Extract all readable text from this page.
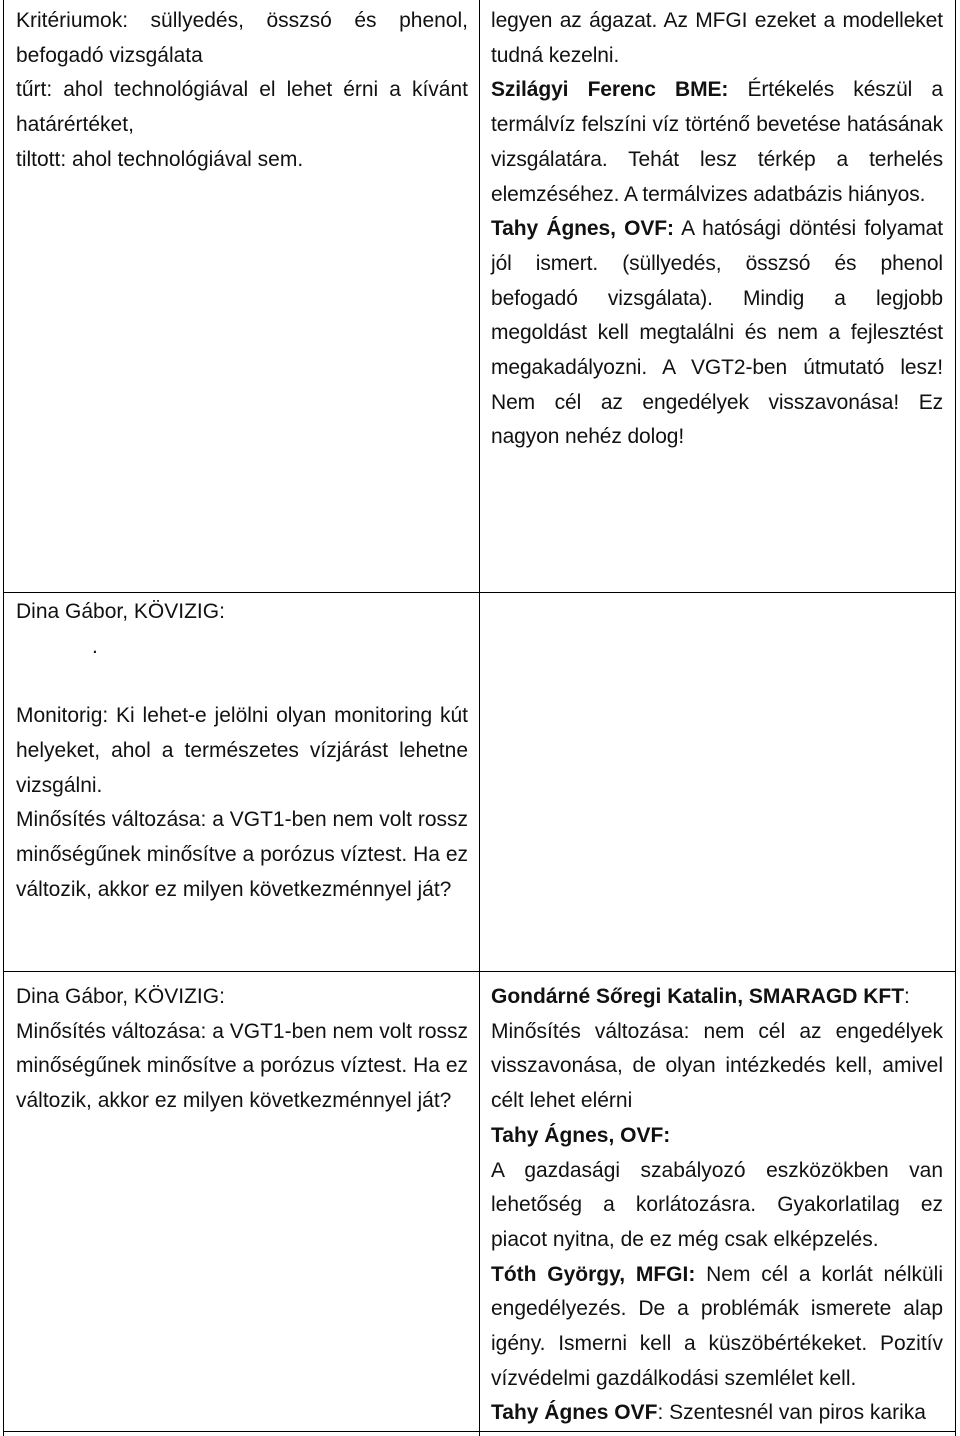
Kritériumok: süllyedés, összsó és phenol, befogadó vizsgálata

tűrt: ahol technológiával el lehet érni a kívánt határértéket,

tiltott: ahol technológiával sem.

legyen az ágazat. Az MFGI ezeket a modelleket tudná kezelni.

Szilágyi Ferenc BME: Értékelés készül a termálvíz felszíni víz történő bevetése hatásának vizsgálatára. Tehát lesz térkép a terhelés elemzéséhez. A termálvizes adatbázis hiányos.

Tahy Ágnes, OVF: A hatósági döntési folyamat jól ismert. (süllyedés, összsó és phenol befogadó vizsgálata). Mindig a legjobb megoldást kell megtalálni és nem a fejlesztést megakadályozni. A VGT2-ben útmutató lesz! Nem cél az engedélyek visszavonása! Ez nagyon nehéz dolog!

Dina Gábor, KÖVIZIG:

.

Monitorig: Ki lehet-e jelölni olyan monitoring kút helyeket, ahol a természetes vízjárást lehetne vizsgálni.

Minősítés változása: a VGT1-ben nem volt rossz minőségűnek minősítve a porózus víztest. Ha ez változik, akkor ez milyen következménnyel ját?

Dina Gábor, KÖVIZIG:

Minősítés változása: a VGT1-ben nem volt rossz minőségűnek minősítve a porózus víztest. Ha ez változik, akkor ez milyen következménnyel ját?

Gondárné Sőregi Katalin, SMARAGD KFT:

Minősítés változása: nem cél az engedélyek visszavonása, de olyan intézkedés kell, amivel célt lehet elérni

Tahy Ágnes, OVF:

A gazdasági szabályozó eszközökben van lehetőség a korlátozásra. Gyakorlatilag ez piacot nyitna, de ez még csak elképzelés.

Tóth György, MFGI: Nem cél a korlát nélküli engedélyezés. De a problémák ismerete alap igény. Ismerni kell a küszöbértékeket. Pozitív vízvédelmi gazdálkodási szemlélet kell.

Tahy Ágnes OVF: Szentesnél van piros karika
